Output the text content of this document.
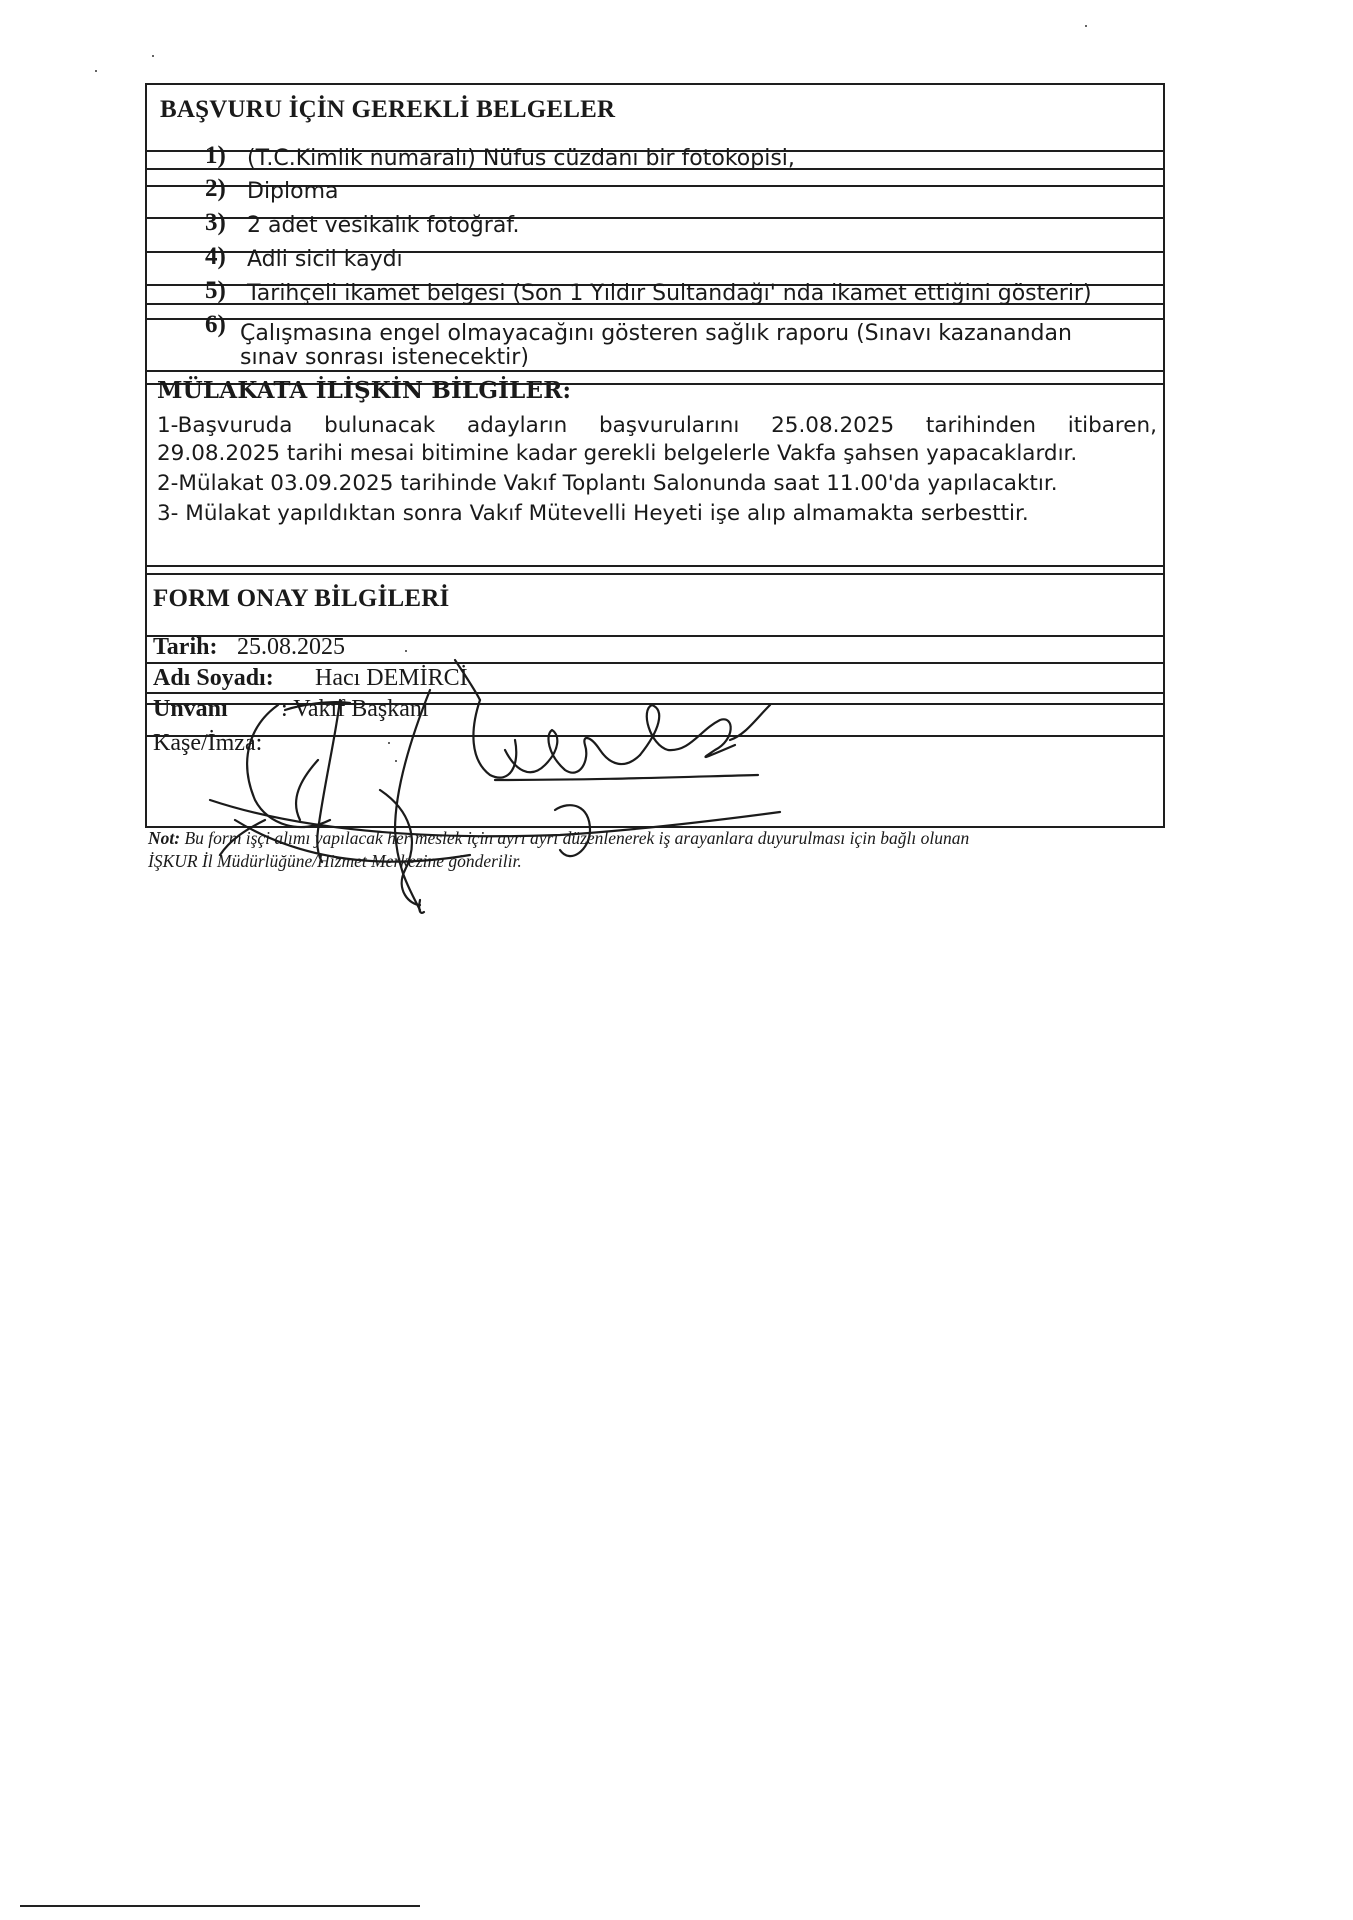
BAŞVURU İÇİN GEREKLİ BELGELER
1) (T.C.Kimlik numaralı) Nüfus cüzdanı bir fotokopisi,
2) Diploma
3) 2 adet vesikalık fotoğraf.
4) Adli sicil kaydı
5) Tarihçeli ikamet belgesi (Son 1 Yıldır Sultandağı' nda ikamet ettiğini gösterir)
6) Çalışmasına engel olmayacağını gösteren sağlık raporu (Sınavı kazanandan
sınav sonrası istenecektir)
MÜLAKATA İLİŞKİN BİLGİLER:
1-Başvuruda bulunacak adayların başvurularını 25.08.2025 tarihinden itibaren,
29.08.2025 tarihi mesai bitimine kadar gerekli belgelerle Vakfa şahsen yapacaklardır.
2-Mülakat 03.09.2025 tarihinde Vakıf Toplantı Salonunda saat 11.00'da yapılacaktır.
3- Mülakat yapıldıktan sonra Vakıf Mütevelli Heyeti işe alıp almamakta serbesttir.
FORM ONAY BİLGİLERİ
Tarih: 25.08.2025
Adı Soyadı: Hacı DEMİRCİ
Unvanı : Vakıf Başkanı
Kaşe/İmza:
Not: Bu form işçi alımı yapılacak her meslek için ayrı ayrı düzenlenerek iş arayanlara duyurulması için bağlı olunan
İŞKUR İl Müdürlüğüne/Hizmet Merkezine gönderilir.
